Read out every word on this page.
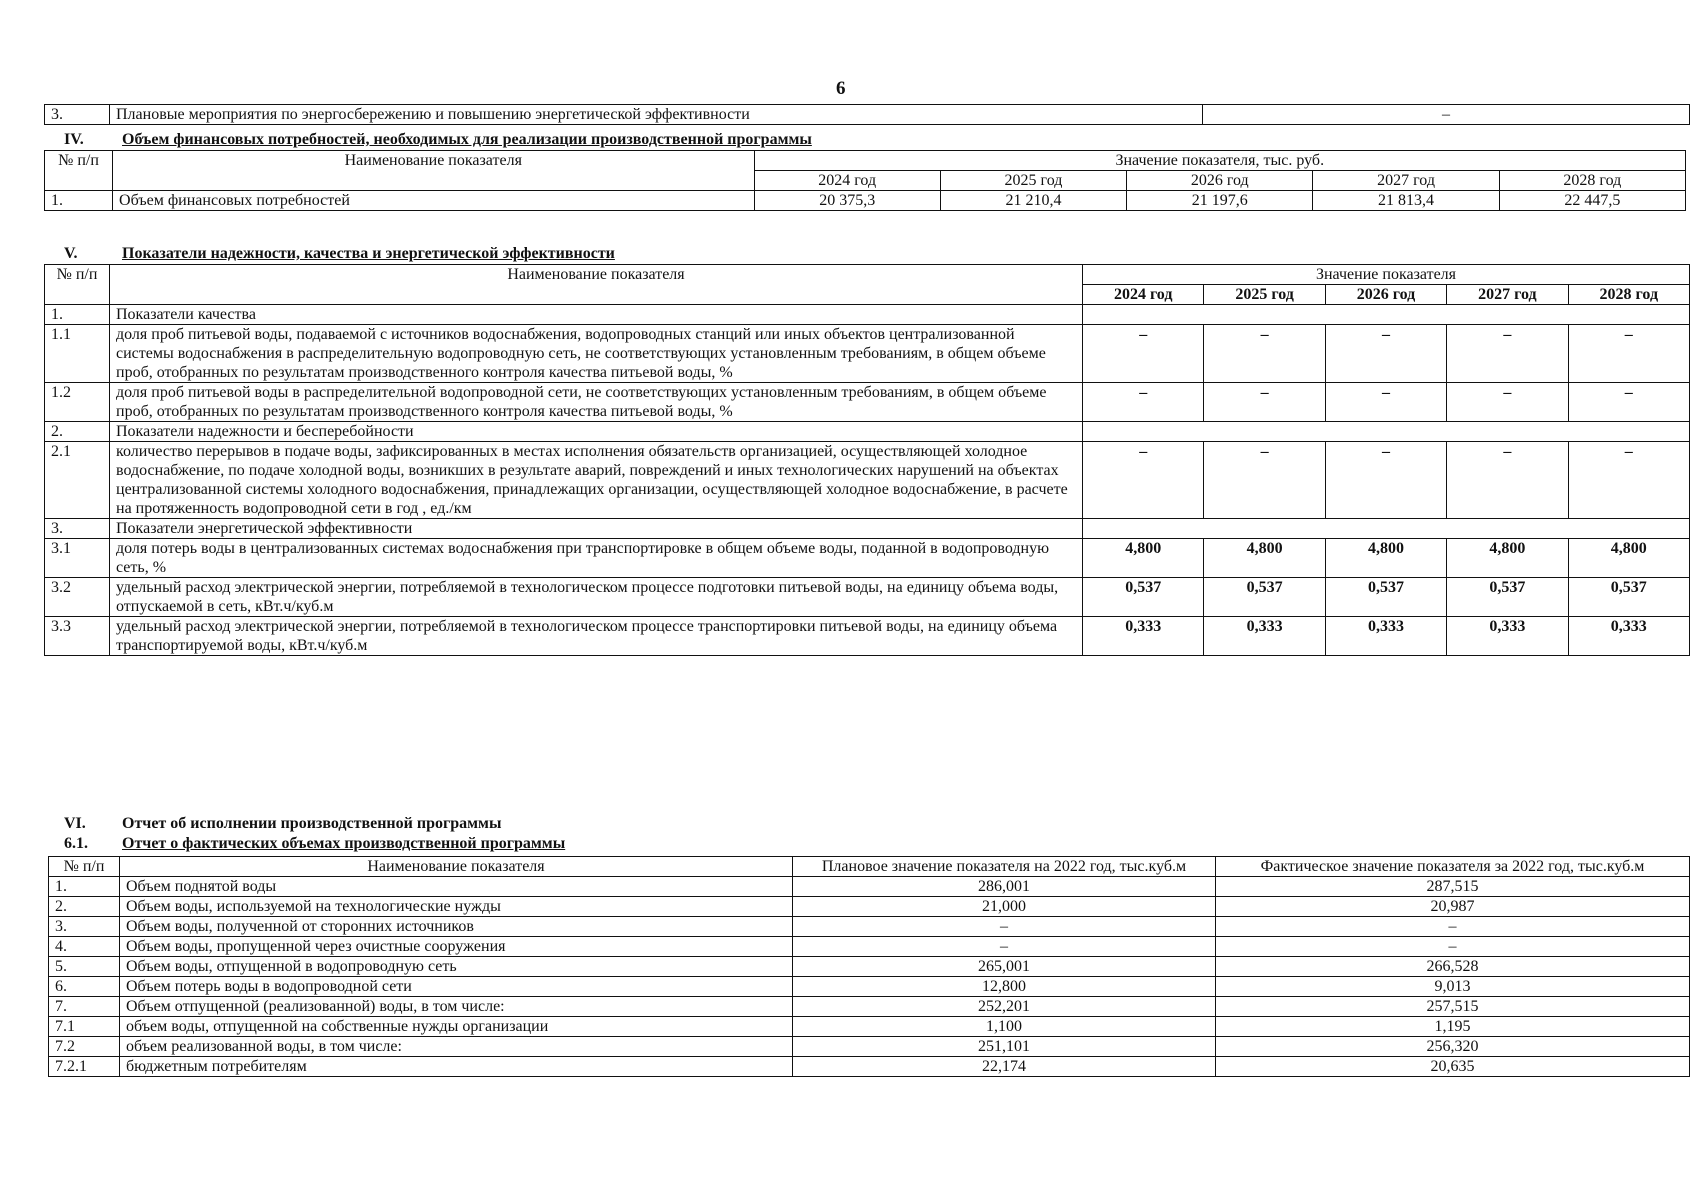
6
3.	Плановые мероприятия по энергосбережению и повышению энергетической эффективности	–
IV. Объем финансовых потребностей, необходимых для реализации производственной программы
№ п/п	Наименование показателя	Значение показателя, тыс. руб.				
		2024 год	2025 год	2026 год	2027 год	2028 год
1.	Объем финансовых потребностей	20 375,3	21 210,4	21 197,6	21 813,4	22 447,5
V.	Показатели надежности, качества и энергетической эффективности
№ п/п	Наименование показателя	Значение показателя				
		2024 год	2025 год	2026 год	2027 год	2028 год
1.	Показатели качества					
1.1	доля проб питьевой воды, подаваемой с источников водоснабжения, водопроводных станций или иных объектов централизованной системы водоснабжения в распределительную водопроводную сеть, не соответствующих установленным требованиям, в общем объеме проб, отобранных по результатам производственного контроля качества питьевой воды, %	–	–	–	–	–
1.2	доля проб питьевой воды в распределительной водопроводной сети, не соответствующих установленным требованиям, в общем объеме проб, отобранных по результатам производственного контроля качества питьевой воды, %	–	–	–	–	–
2.	Показатели надежности и бесперебойности					
2.1	количество перерывов в подаче воды, зафиксированных в местах исполнения обязательств организацией, осуществляющей холодное водоснабжение, по подаче холодной воды, возникших в результате аварий, повреждений и иных технологических нарушений на объектах централизованной системы холодного водоснабжения, принадлежащих организации, осуществляющей холодное водоснабжение, в расчете на протяженность водопроводной сети в год , ед./км	–	–	–	–	–
3.	Показатели энергетической эффективности					
3.1	доля потерь воды в централизованных системах водоснабжения при транспортировке в общем объеме воды, поданной в водопроводную сеть, %	4,800	4,800	4,800	4,800	4,800
3.2	удельный расход электрической энергии, потребляемой в технологическом процессе подготовки питьевой воды, на единицу объема воды, отпускаемой в сеть, кВт.ч/куб.м	0,537	0,537	0,537	0,537	0,537
3.3	удельный расход электрической энергии, потребляемой в технологическом процессе транспортировки питьевой воды, на единицу объема транспортируемой воды, кВт.ч/куб.м	0,333	0,333	0,333	0,333	0,333
VI. Отчет об исполнении производственной программы
6.1. Отчет о фактических объемах производственной программы
№ п/п	Наименование показателя	Плановое значение показателя на 2022 год, тыс.куб.м	Фактическое значение показателя за 2022 год, тыс.куб.м
1.	Объем поднятой воды	286,001	287,515
2.	Объем воды, используемой на технологические нужды	21,000	20,987
3.	Объем воды, полученной от сторонних источников	–	–
4.	Объем воды, пропущенной через очистные сооружения	–	–
5.	Объем воды, отпущенной в водопроводную сеть	265,001	266,528
6.	Объем потерь воды в водопроводной сети	12,800	9,013
7.	Объем отпущенной (реализованной) воды, в том числе:	252,201	257,515
7.1	объем воды, отпущенной на собственные нужды организации	1,100	1,195
7.2	объем реализованной воды, в том числе:	251,101	256,320
7.2.1	бюджетным потребителям	22,174	20,635
